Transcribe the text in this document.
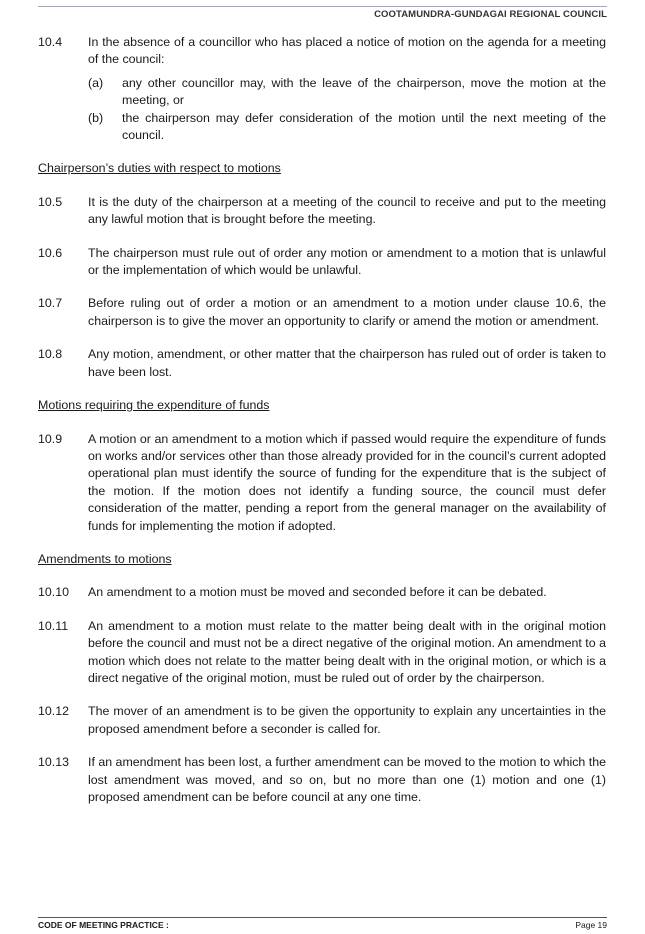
COOTAMUNDRA-GUNDAGAI REGIONAL COUNCIL
10.4	In the absence of a councillor who has placed a notice of motion on the agenda for a meeting of the council:
(a)	any other councillor may, with the leave of the chairperson, move the motion at the meeting, or
(b)	the chairperson may defer consideration of the motion until the next meeting of the council.
Chairperson’s duties with respect to motions
10.5	It is the duty of the chairperson at a meeting of the council to receive and put to the meeting any lawful motion that is brought before the meeting.
10.6	The chairperson must rule out of order any motion or amendment to a motion that is unlawful or the implementation of which would be unlawful.
10.7	Before ruling out of order a motion or an amendment to a motion under clause 10.6, the chairperson is to give the mover an opportunity to clarify or amend the motion or amendment.
10.8	Any motion, amendment, or other matter that the chairperson has ruled out of order is taken to have been lost.
Motions requiring the expenditure of funds
10.9	A motion or an amendment to a motion which if passed would require the expenditure of funds on works and/or services other than those already provided for in the council’s current adopted operational plan must identify the source of funding for the expenditure that is the subject of the motion. If the motion does not identify a funding source, the council must defer consideration of the matter, pending a report from the general manager on the availability of funds for implementing the motion if adopted.
Amendments to motions
10.10	An amendment to a motion must be moved and seconded before it can be debated.
10.11	An amendment to a motion must relate to the matter being dealt with in the original motion before the council and must not be a direct negative of the original motion. An amendment to a motion which does not relate to the matter being dealt with in the original motion, or which is a direct negative of the original motion, must be ruled out of order by the chairperson.
10.12	The mover of an amendment is to be given the opportunity to explain any uncertainties in the proposed amendment before a seconder is called for.
10.13	If an amendment has been lost, a further amendment can be moved to the motion to which the lost amendment was moved, and so on, but no more than one (1) motion and one (1) proposed amendment can be before council at any one time.
CODE OF MEETING PRACTICE :	Page 19
